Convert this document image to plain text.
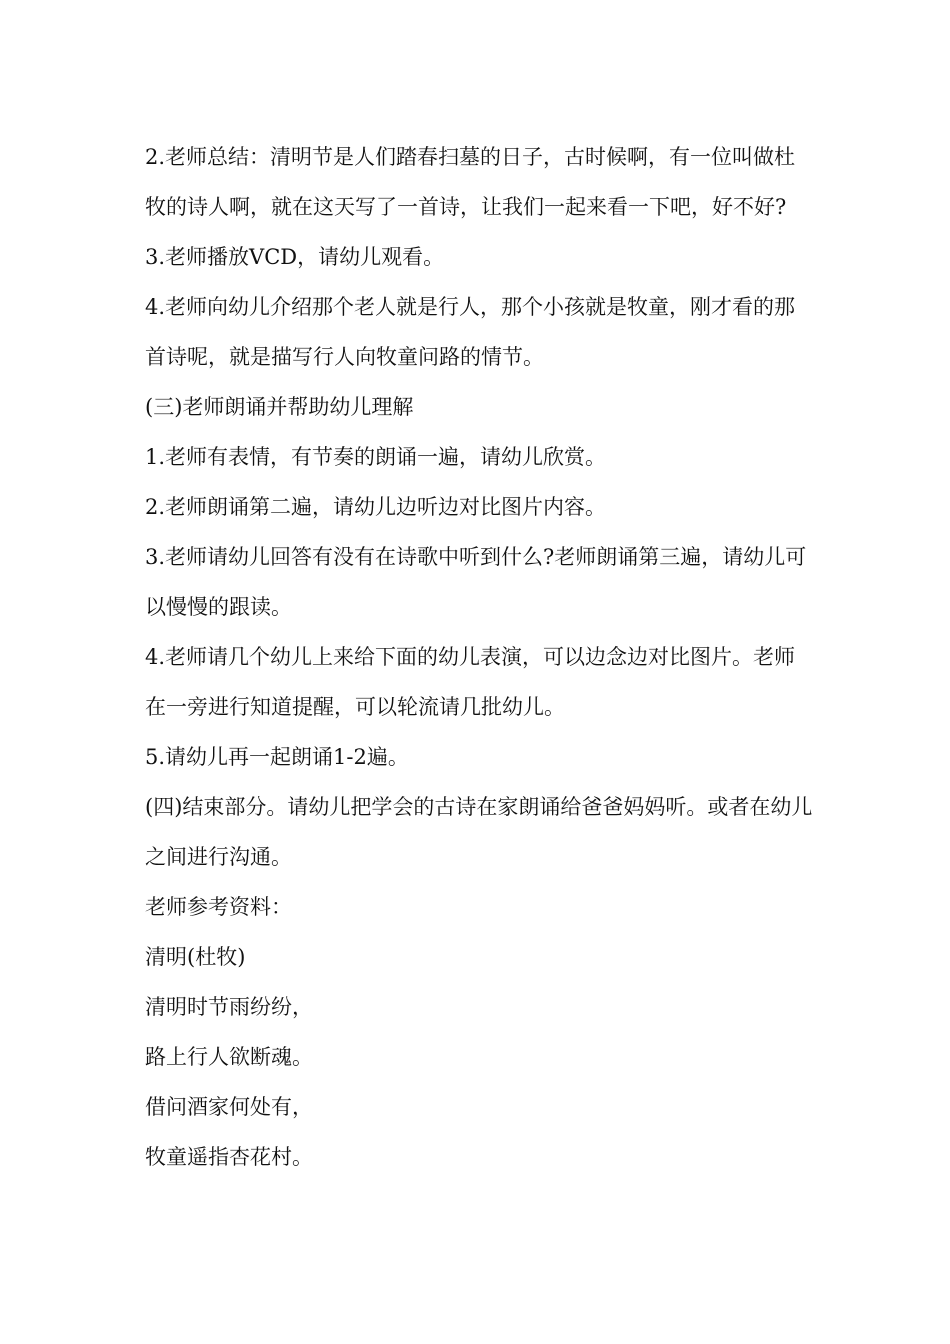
2.老师总结：清明节是人们踏春扫墓的日子，古时候啊，有一位叫做杜牧的诗人啊，就在这天写了一首诗，让我们一起来看一下吧，好不好?

3.老师播放VCD，请幼儿观看。

4.老师向幼儿介绍那个老人就是行人，那个小孩就是牧童，刚才看的那首诗呢，就是描写行人向牧童问路的情节。

(三)老师朗诵并帮助幼儿理解

1.老师有表情，有节奏的朗诵一遍，请幼儿欣赏。

2.老师朗诵第二遍，请幼儿边听边对比图片内容。

3.老师请幼儿回答有没有在诗歌中听到什么?老师朗诵第三遍，请幼儿可以慢慢的跟读。

4.老师请几个幼儿上来给下面的幼儿表演，可以边念边对比图片。老师在一旁进行知道提醒，可以轮流请几批幼儿。

5.请幼儿再一起朗诵1-2遍。

(四)结束部分。请幼儿把学会的古诗在家朗诵给爸爸妈妈听。或者在幼儿之间进行沟通。

老师参考资料：

清明(杜牧)

清明时节雨纷纷，

路上行人欲断魂。

借问酒家何处有，

牧童遥指杏花村。
